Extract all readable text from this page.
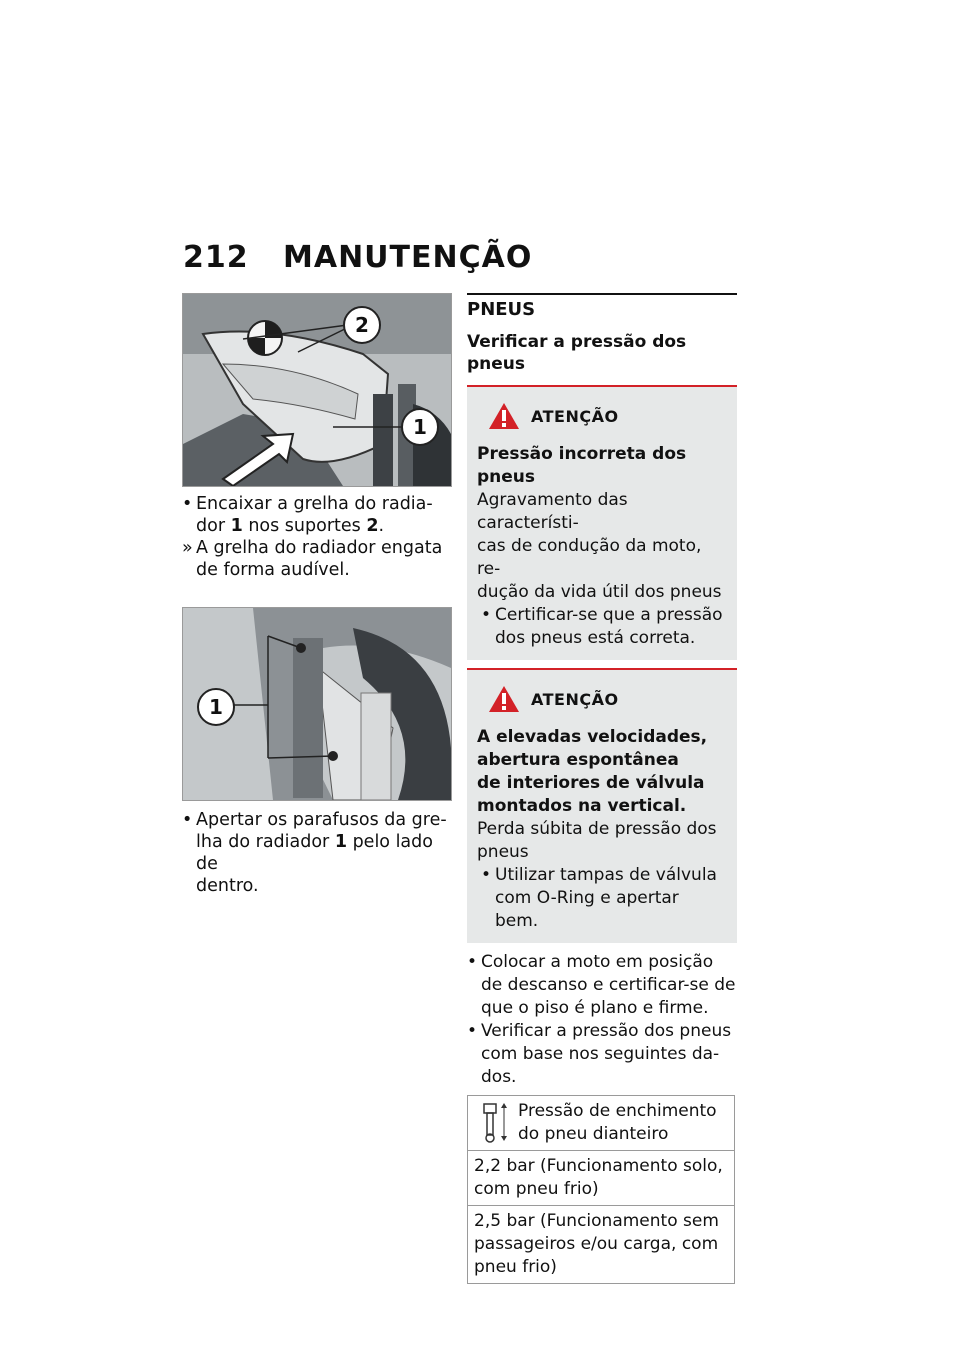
212 MANUTENÇÃO
2
1

• Encaixar a grelha do radia-
dor 1 nos suportes 2.

» A grelha do radiador engata
de forma audível.

1

• Apertar os parafusos da gre-
lha do radiador 1 pelo lado de
dentro.

PNEUS
Verificar a pressão dos pneus
ATENÇÃO
Pressão incorreta dos pneus
Agravamento das característi-
cas de condução da moto, re-
dução da vida útil dos pneus
• Certificar-se que a pressão
dos pneus está correta.
ATENÇÃO
A elevadas velocidades,
abertura espontânea
de interiores de válvula
montados na vertical.
Perda súbita de pressão dos
pneus
• Utilizar tampas de válvula
com O-Ring e apertar bem.

• Colocar a moto em posição
de descanso e certificar-se de
que o piso é plano e firme.

• Verificar a pressão dos pneus
com base nos seguintes da-
dos.

Pressão de enchimento
do pneu dianteiro

2,2 bar (Funcionamento solo,
com pneu frio)
2,5 bar (Funcionamento sem
passageiros e/ou carga, com
pneu frio)
